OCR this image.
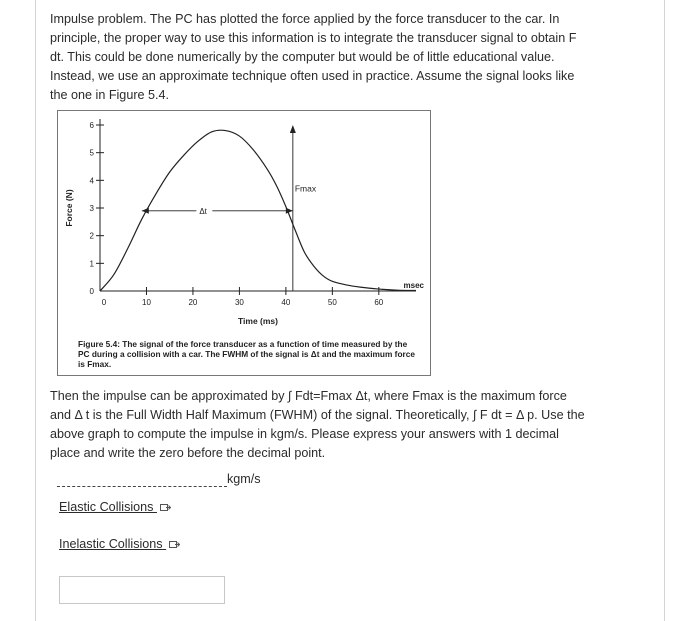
Impulse problem. The PC has plotted the force applied by the force transducer to the car. In principle, the proper way to use this information is to integrate the transducer signal to obtain F dt. This could be done numerically by the computer but would be of little educational value. Instead, we use an approximate technique often used in practice. Assume the signal looks like the one in Figure 5.4.

0
1
2
3
4
5
6
0	10	20	30	40	50	60
Time (ms)
Force (N)
msec
Δt
Fmax
Figure 5.4: The signal of the force transducer as a function of time measured by the PC during a collision with a car. The FWHM of the signal is Δt and the maximum force is Fmax.

Then the impulse can be approximated by ∫ Fdt=Fmax Δt, where Fmax is the maximum force and Δ t is the Full Width Half Maximum (FWHM) of the signal. Theoretically, ∫ F dt = Δ p. Use the above graph to compute the impulse in kgm/s. Please express your answers with 1 decimal place and write the zero before the decimal point.

kgm/s
Elastic Collisions
Inelastic Collisions
